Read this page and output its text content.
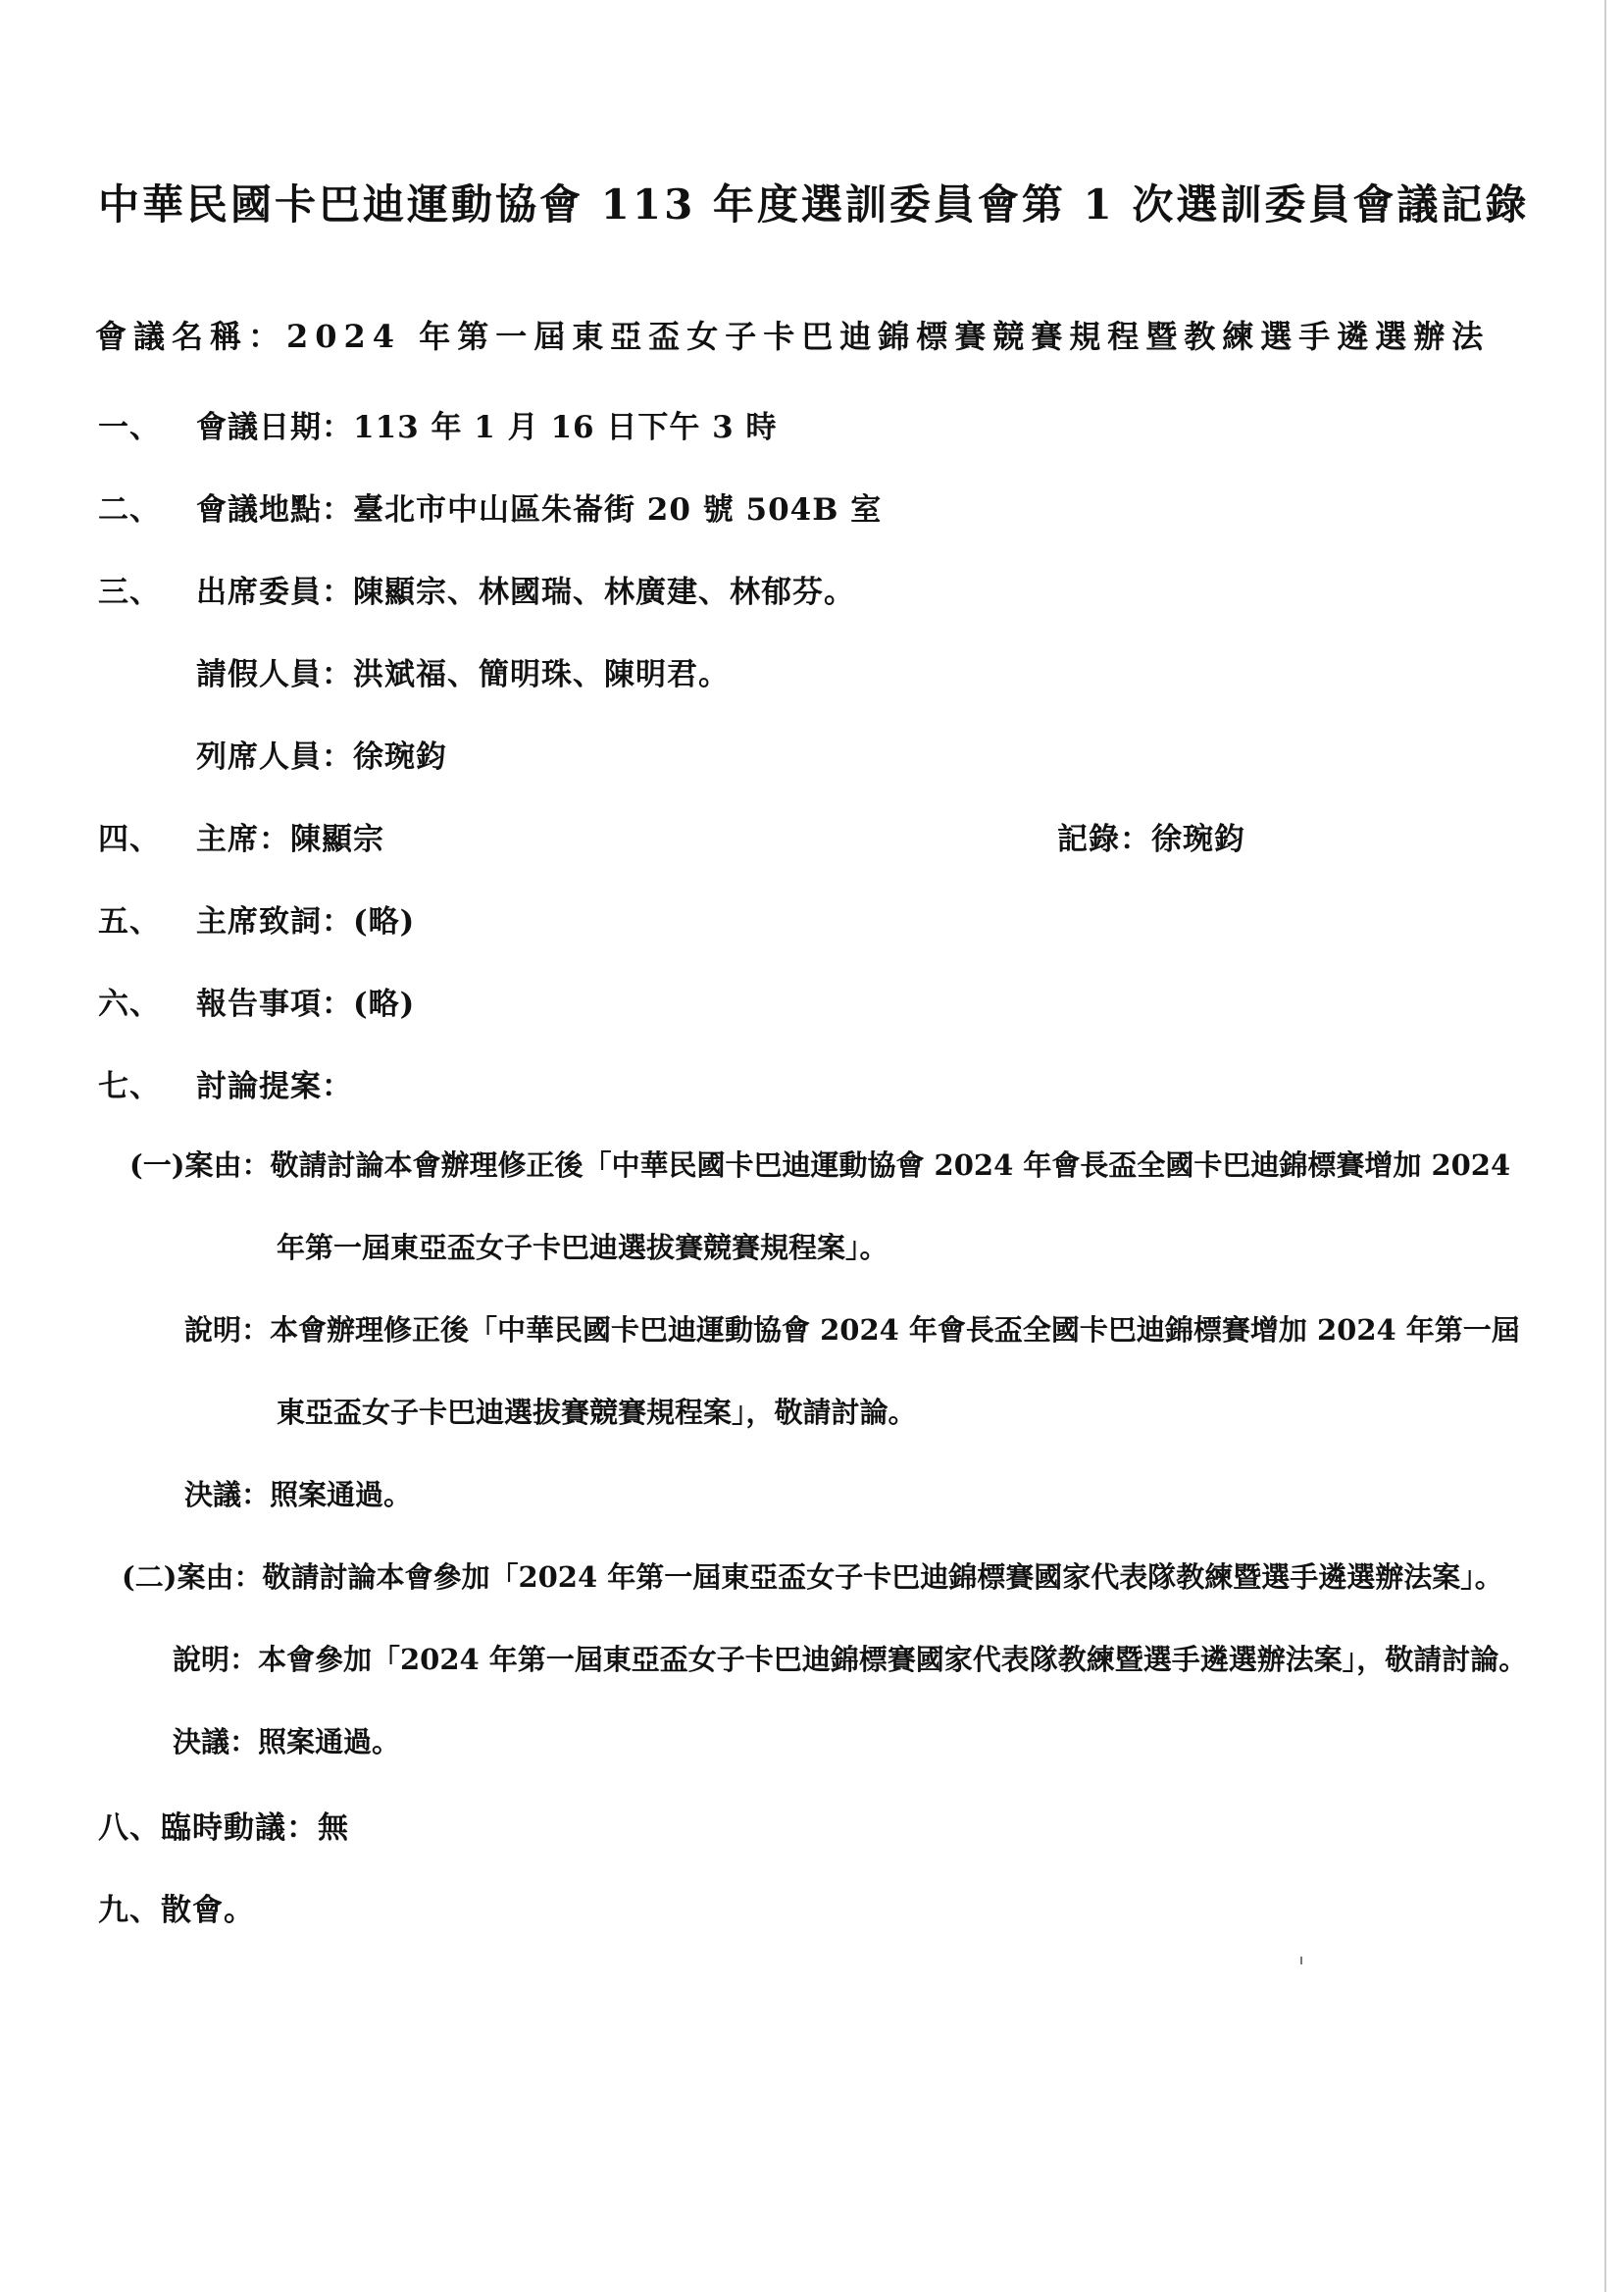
中華民國卡巴迪運動協會 113 年度選訓委員會第 1 次選訓委員會議記錄
會議名稱：2024 年第一屆東亞盃女子卡巴迪錦標賽競賽規程暨教練選手遴選辦法
一、 會議日期：113 年 1 月 16 日下午 3 時
二、 會議地點：臺北市中山區朱崙街 20 號 504B 室
三、 出席委員：陳顯宗、林國瑞、林廣建、林郁芬。
請假人員：洪斌福、簡明珠、陳明君。
列席人員：徐琬鈞
四、 主席：陳顯宗	記錄：徐琬鈞
五、 主席致詞：(略)
六、 報告事項：(略)
七、 討論提案：
(一)案由：敬請討論本會辦理修正後「中華民國卡巴迪運動協會 2024 年會長盃全國卡巴迪錦標賽增加 2024
年第一屆東亞盃女子卡巴迪選拔賽競賽規程案」。
說明：本會辦理修正後「中華民國卡巴迪運動協會 2024 年會長盃全國卡巴迪錦標賽增加 2024 年第一屆
東亞盃女子卡巴迪選拔賽競賽規程案」，敬請討論。
決議：照案通過。
(二)案由：敬請討論本會參加「2024 年第一屆東亞盃女子卡巴迪錦標賽國家代表隊教練暨選手遴選辦法案」。
說明：本會參加「2024 年第一屆東亞盃女子卡巴迪錦標賽國家代表隊教練暨選手遴選辦法案」，敬請討論。
決議：照案通過。
八、臨時動議：無
九、散會。
